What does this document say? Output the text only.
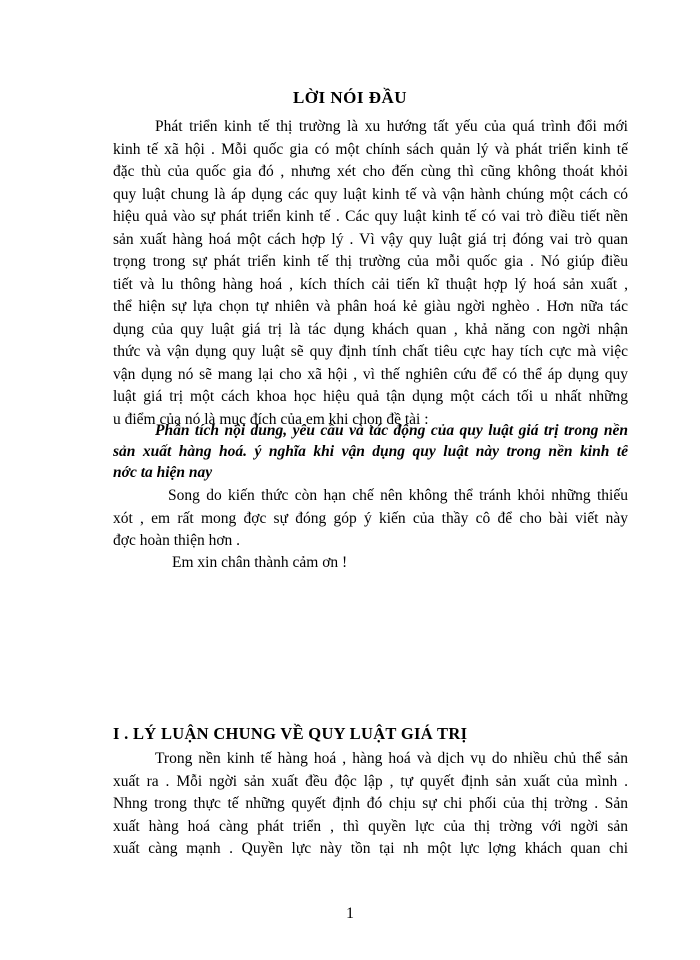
LỜI NÓI ĐẦU
Phát triển kinh tế thị trường là xu hướng tất yếu của quá trình đổi mới
kinh tế xã hội . Mỗi quốc gia có một chính sách quản lý và phát triển kinh tế
đặc thù của quốc gia đó , nhưng xét cho đến cùng thì cũng không thoát khỏi
quy luật chung là áp dụng các quy luật kinh tế và vận hành chúng một cách có
hiệu quả vào sự phát triển kinh tế . Các quy luật kinh tế có vai trò điều tiết nền
sản xuất hàng hoá một cách hợp lý . Vì vậy quy luật giá trị đóng vai trò quan
trọng trong sự phát triển kinh tế thị trường của mỗi quốc gia . Nó giúp điều
tiết và lu thông hàng hoá , kích thích cải tiến kĩ thuật hợp lý hoá sản xuất ,
thể hiện sự lựa chọn tự nhiên và phân hoá kẻ giàu ngời nghèo . Hơn nữa tác
dụng của quy luật giá trị là tác dụng khách quan , khả năng con ngời nhận
thức và vận dụng quy luật sẽ quy định tính chất tiêu cực hay tích cực mà việc
vận dụng nó sẽ mang lại cho xã hội , vì thế nghiên cứu để có thể áp dụng quy
luật giá trị một cách khoa học hiệu quả tận dụng một cách tối u nhất những
u điểm của nó là mục đích của em khi chọn đề tài :
Phân tích nội dung, yêu cầu và tác động của quy luật giá trị trong nền
sản xuất hàng hoá. ý nghĩa khi vận dụng quy luật này trong nền kinh tế
nớc ta hiện nay
Song do kiến thức còn hạn chế nên không thể tránh khỏi những thiếu
xót , em rất mong đợc sự đóng góp ý kiến của thầy cô để cho bài viết này
đợc hoàn thiện hơn .
Em xin chân thành cảm ơn !
I . LÝ LUẬN CHUNG VỀ QUY LUẬT GIÁ TRỊ
Trong nền kinh tế hàng hoá , hàng hoá và dịch vụ do nhiều chủ thể sản
xuất ra . Mỗi ngời sản xuất đều độc lập , tự quyết định sản xuất của mình .
Nhng trong thực tế những quyết định đó chịu sự chi phối của thị trờng . Sản
xuất hàng hoá càng phát triển , thì quyền lực của thị trờng với ngời sản
xuất càng mạnh . Quyền lực này tồn tại nh một lực lợng khách quan chi
1
